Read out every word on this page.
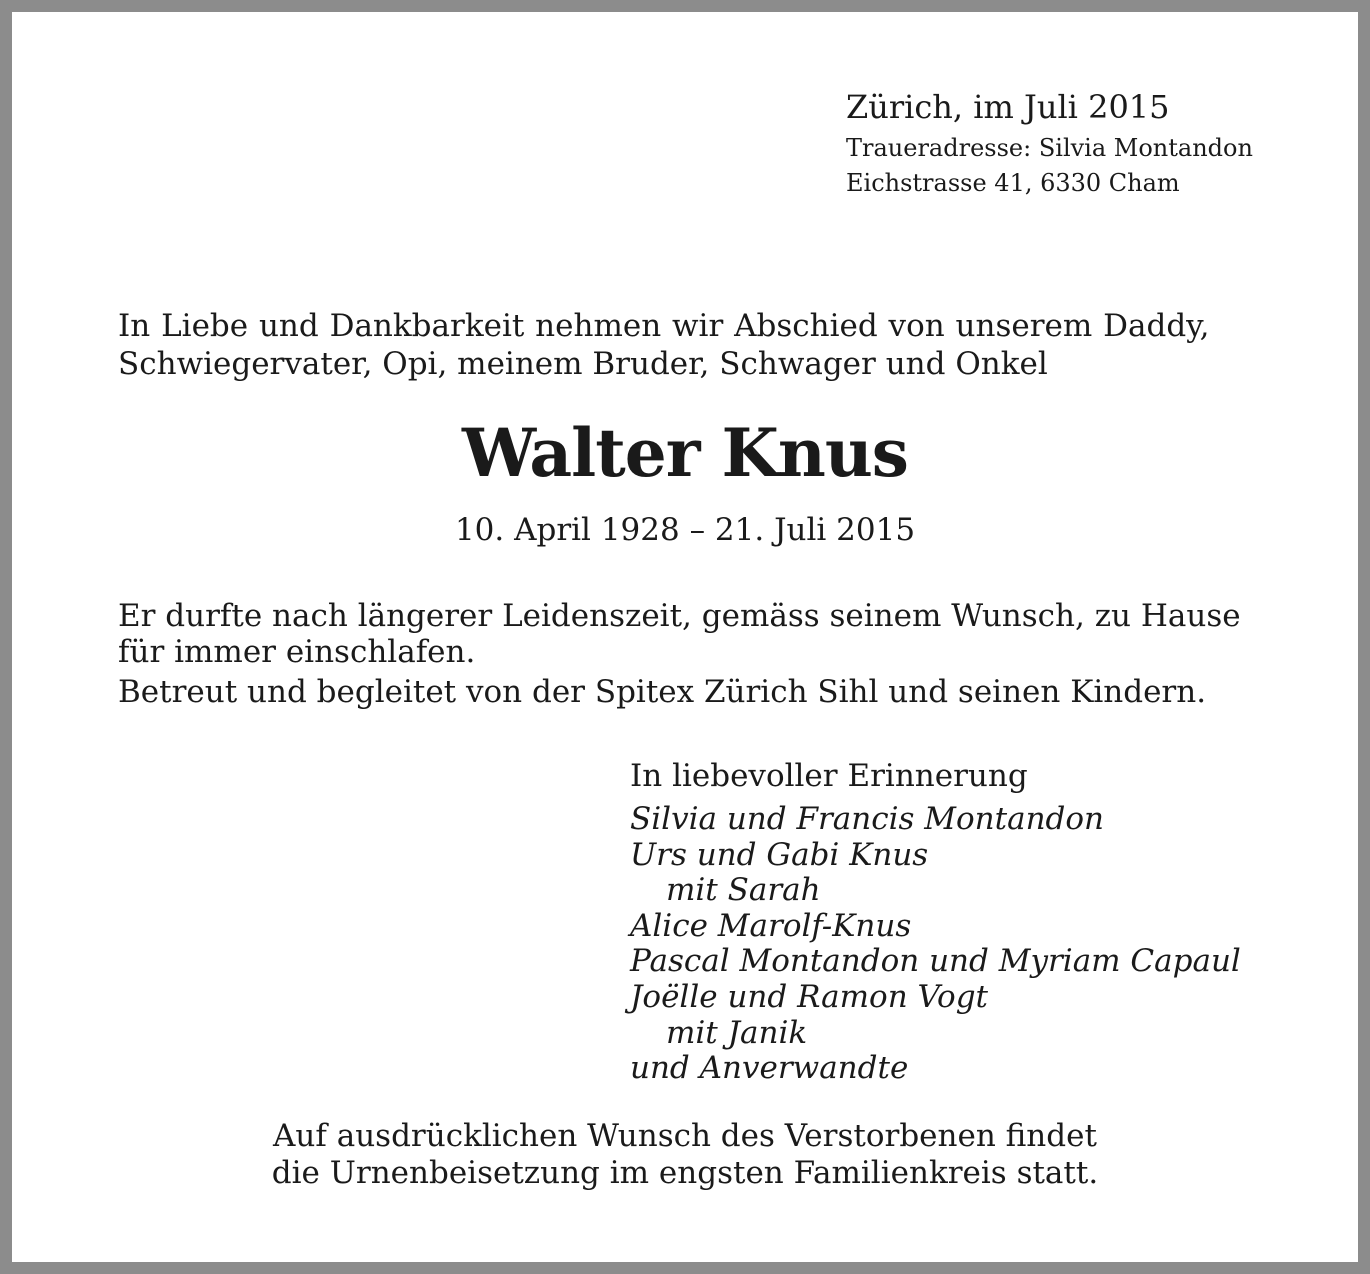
Zürich, im Juli 2015
Traueradresse: Silvia Montandon
Eichstrasse 41, 6330 Cham
In Liebe und Dankbarkeit nehmen wir Abschied von unserem Daddy,
Schwiegervater, Opi, meinem Bruder, Schwager und Onkel
Walter Knus
10. April 1928 – 21. Juli 2015
Er durfte nach längerer Leidenszeit, gemäss seinem Wunsch, zu Hause
für immer einschlafen.
Betreut und begleitet von der Spitex Zürich Sihl und seinen Kindern.
In liebevoller Erinnerung
Silvia und Francis Montandon
Urs und Gabi Knus
mit Sarah
Alice Marolf-Knus
Pascal Montandon und Myriam Capaul
Joëlle und Ramon Vogt
mit Janik
und Anverwandte
Auf ausdrücklichen Wunsch des Verstorbenen findet
die Urnenbeisetzung im engsten Familienkreis statt.
